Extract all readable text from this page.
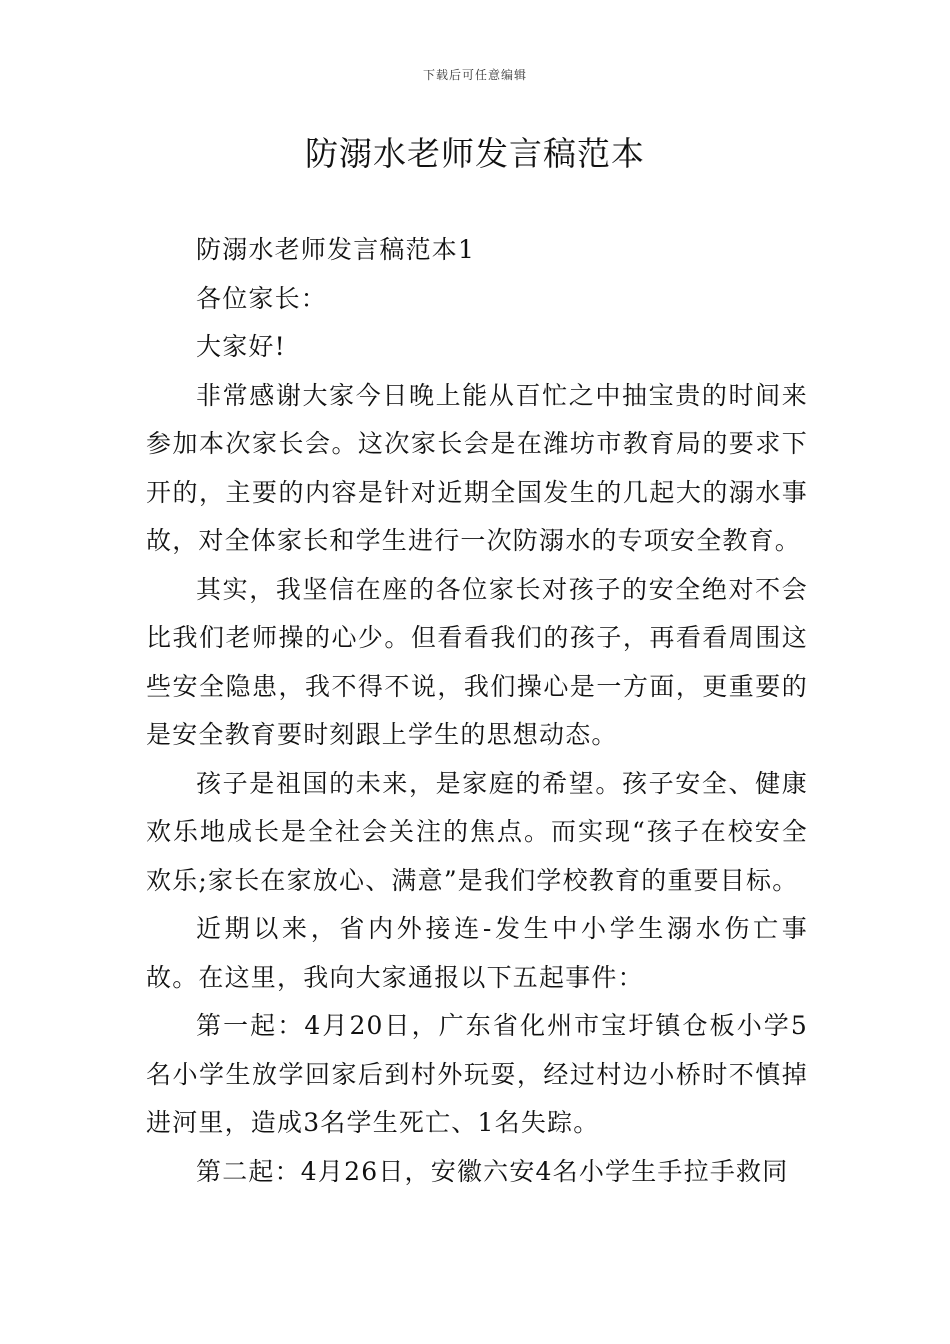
下载后可任意编辑
防溺水老师发言稿范本

防溺水老师发言稿范本1

各位家长：

大家好!

非常感谢大家今日晚上能从百忙之中抽宝贵的时间来参加本次家长会。这次家长会是在潍坊市教育局的要求下开的，主要的内容是针对近期全国发生的几起大的溺水事故，对全体家长和学生进行一次防溺水的专项安全教育。

其实，我坚信在座的各位家长对孩子的安全绝对不会比我们老师操的心少。但看看我们的孩子，再看看周围这些安全隐患，我不得不说，我们操心是一方面，更重要的是安全教育要时刻跟上学生的思想动态。

孩子是祖国的未来，是家庭的希望。孩子安全、健康欢乐地成长是全社会关注的焦点。而实现“孩子在校安全欢乐;家长在家放心、满意”是我们学校教育的重要目标。

近期以来，省内外接连-发生中小学生溺水伤亡事故。在这里，我向大家通报以下五起事件：

第一起：4月20日，广东省化州市宝圩镇仓板小学5名小学生放学回家后到村外玩耍，经过村边小桥时不慎掉进河里，造成3名学生死亡、1名失踪。

第二起：4月26日，安徽六安4名小学生手拉手救同
